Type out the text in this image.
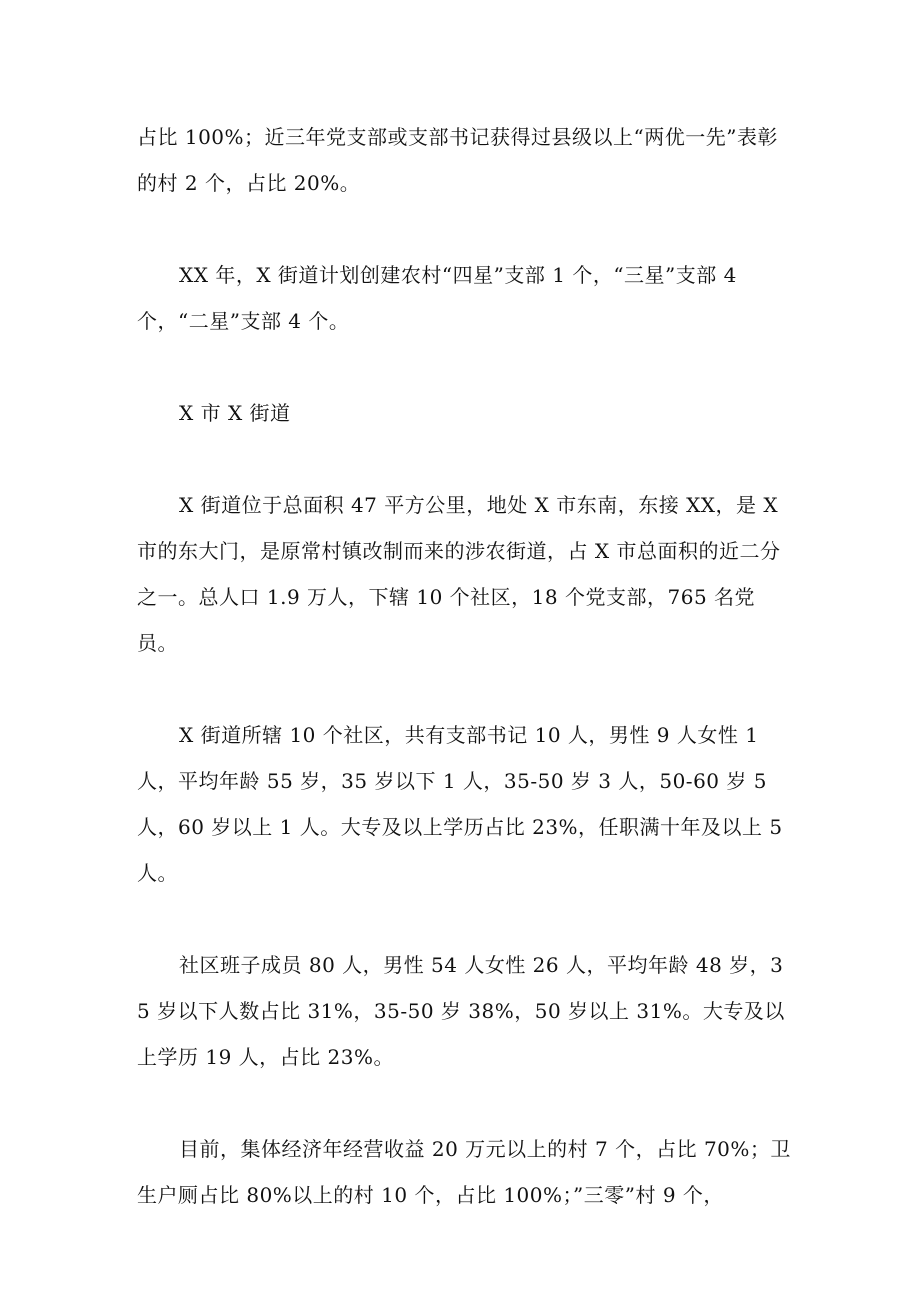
占比 100%；近三年党支部或支部书记获得过县级以上“两优一先”表彰的村 2 个，占比 20%。

XX 年，X 街道计划创建农村“四星”支部 1 个，“三星”支部 4 个，“二星”支部 4 个。

X 市 X 街道

X 街道位于总面积 47 平方公里，地处 X 市东南，东接 XX，是 X 市的东大门，是原常村镇改制而来的涉农街道，占 X 市总面积的近二分之一。总人口 1.9 万人，下辖 10 个社区，18 个党支部，765 名党员。

X 街道所辖 10 个社区，共有支部书记 10 人，男性 9 人女性 1 人，平均年龄 55 岁，35 岁以下 1 人，35-50 岁 3 人，50-60 岁 5 人，60 岁以上 1 人。大专及以上学历占比 23%，任职满十年及以上 5 人。

社区班子成员 80 人，男性 54 人女性 26 人，平均年龄 48 岁，35 岁以下人数占比 31%，35-50 岁 38%，50 岁以上 31%。大专及以上学历 19 人，占比 23%。

目前，集体经济年经营收益 20 万元以上的村 7 个，占比 70%；卫生户厕占比 80%以上的村 10 个，占比 100%；”三零”村 9 个，
